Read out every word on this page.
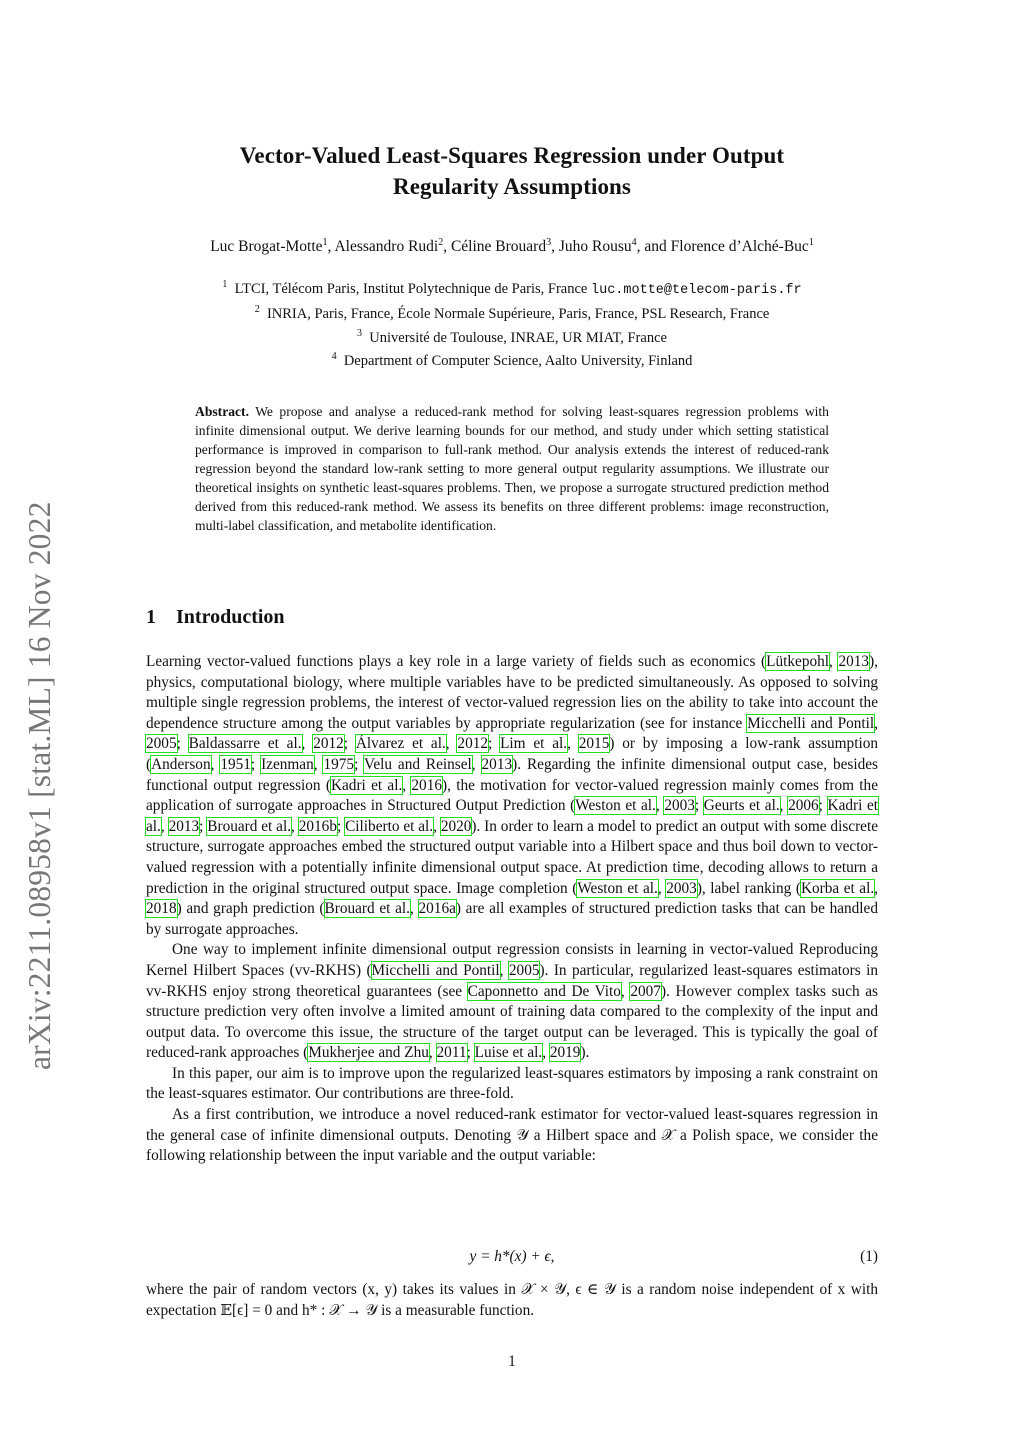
arXiv:2211.08958v1 [stat.ML] 16 Nov 2022
Vector-Valued Least-Squares Regression under Output
Regularity Assumptions
Luc Brogat-Motte$^1$, Alessandro Rudi$^2$, Céline Brouard$^3$, Juho Rousu$^4$, and Florence d’Alché-Buc$^1$
$^1$ LTCI, Télécom Paris, Institut Polytechnique de Paris, France luc.motte@telecom-paris.fr
$^2$ INRIA, Paris, France, École Normale Supérieure, Paris, France, PSL Research, France
$^3$ Université de Toulouse, INRAE, UR MIAT, France
$^4$ Department of Computer Science, Aalto University, Finland
Abstract. We propose and analyse a reduced-rank method for solving least-squares regression problems with infinite dimensional output. We derive learning bounds for our method, and study under which setting statistical performance is improved in comparison to full-rank method. Our analysis extends the interest of reduced-rank regression beyond the standard low-rank setting to more general output regularity assumptions. We illustrate our theoretical insights on synthetic least-squares problems. Then, we propose a surrogate structured prediction method derived from this reduced-rank method. We assess its benefits on three different problems: image reconstruction, multi-label classification, and metabolite identification.
1 Introduction

Learning vector-valued functions plays a key role in a large variety of fields such as economics (Lütkepohl, 2013), physics, computational biology, where multiple variables have to be predicted simultaneously. As opposed to solving multiple single regression problems, the interest of vector-valued regression lies on the ability to take into account the dependence structure among the output variables by appropriate regularization (see for instance Micchelli and Pontil, 2005; Baldassarre et al., 2012; Álvarez et al., 2012; Lim et al., 2015) or by imposing a low-rank assumption (Anderson, 1951; Izenman, 1975; Velu and Reinsel, 2013). Regarding the infinite dimensional output case, besides functional output regression (Kadri et al., 2016), the motivation for vector-valued regression mainly comes from the application of surrogate approaches in Structured Output Prediction (Weston et al., 2003; Geurts et al., 2006; Kadri et al., 2013; Brouard et al., 2016b; Ciliberto et al., 2020). In order to learn a model to predict an output with some discrete structure, surrogate approaches embed the structured output variable into a Hilbert space and thus boil down to vector-valued regression with a potentially infinite dimensional output space. At prediction time, decoding allows to return a prediction in the original structured output space. Image completion (Weston et al., 2003), label ranking (Korba et al., 2018) and graph prediction (Brouard et al., 2016a) are all examples of structured prediction tasks that can be handled by surrogate approaches.

One way to implement infinite dimensional output regression consists in learning in vector-valued Reproducing Kernel Hilbert Spaces (vv-RKHS) (Micchelli and Pontil, 2005). In particular, regularized least-squares estimators in vv-RKHS enjoy strong theoretical guarantees (see Caponnetto and De Vito, 2007). However complex tasks such as structure prediction very often involve a limited amount of training data compared to the complexity of the input and output data. To overcome this issue, the structure of the target output can be leveraged. This is typically the goal of reduced-rank approaches (Mukherjee and Zhu, 2011; Luise et al., 2019).

In this paper, our aim is to improve upon the regularized least-squares estimators by imposing a rank constraint on the least-squares estimator. Our contributions are three-fold.

As a first contribution, we introduce a novel reduced-rank estimator for vector-valued least-squares regression in the general case of infinite dimensional outputs. Denoting 𝒴 a Hilbert space and 𝒳 a Polish space, we consider the following relationship between the input variable and the output variable:

y = h*(x) + ϵ,	(1)
where the pair of random vectors (x, y) takes its values in 𝒳 × 𝒴, ϵ ∈ 𝒴 is a random noise independent of x with expectation 𝔼[ϵ] = 0 and h* : 𝒳 → 𝒴 is a measurable function.
1
